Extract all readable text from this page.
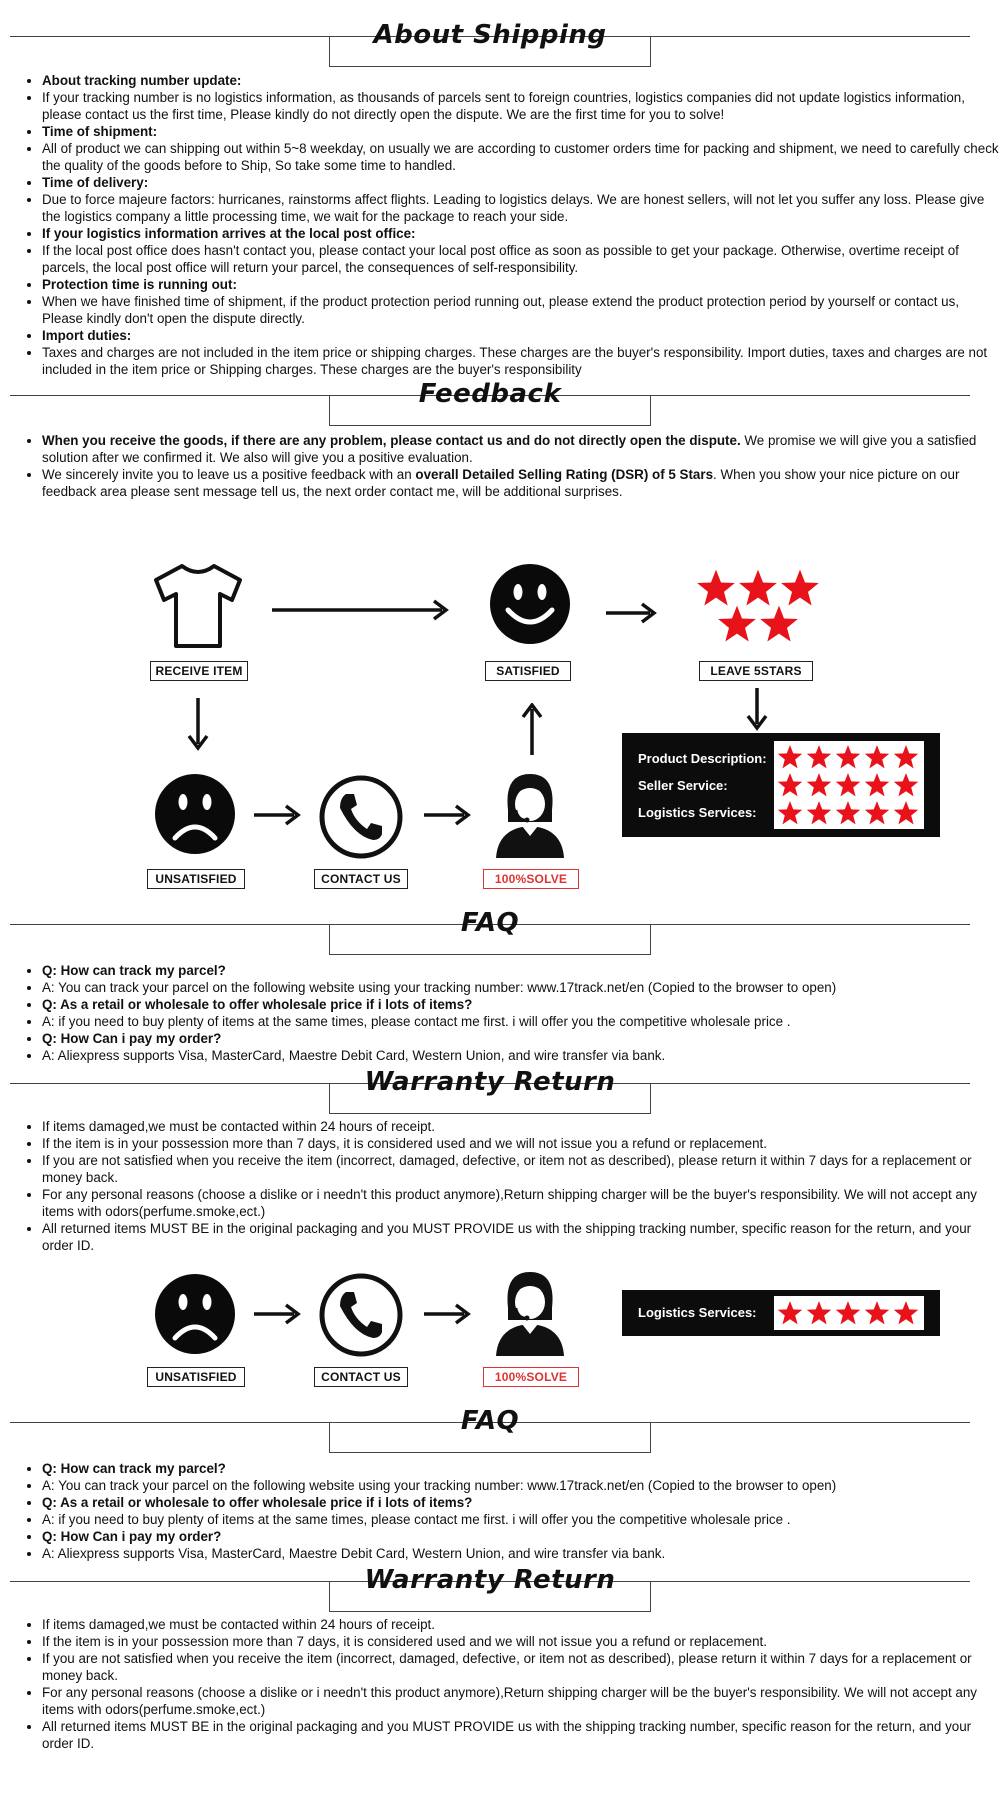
About Shipping
• About tracking number update:
• If your tracking number is no logistics information, as thousands of parcels sent to foreign countries, logistics companies did not update logistics information, please contact us the first time, Please kindly do not directly open the dispute. We are the first time for you to solve!
• Time of shipment:
• All of product we can shipping out within 5~8 weekday, on usually we are according to customer orders time for packing and shipment, we need to carefully check the quality of the goods before to Ship, So take some time to handled.
• Time of delivery:
• Due to force majeure factors: hurricanes, rainstorms affect flights. Leading to logistics delays. We are honest sellers, will not let you suffer any loss. Please give the logistics company a little processing time, we wait for the package to reach your side.
• If your logistics information arrives at the local post office:
• If the local post office does hasn't contact you, please contact your local post office as soon as possible to get your package. Otherwise, overtime receipt of parcels, the local post office will return your parcel, the consequences of self-responsibility.
• Protection time is running out:
• When we have finished time of shipment, if the product protection period running out, please extend the product protection period by yourself or contact us, Please kindly don't open the dispute directly.
• Import duties:
• Taxes and charges are not included in the item price or shipping charges. These charges are the buyer's responsibility. Import duties, taxes and charges are not included in the item price or Shipping charges. These charges are the buyer's responsibility
Feedback
• When you receive the goods, if there are any problem, please contact us and do not directly open the dispute. We promise we will give you a satisfied solution after we confirmed it. We also will give you a positive evaluation.
• We sincerely invite you to leave us a positive feedback with an overall Detailed Selling Rating (DSR) of 5 Stars. When you show your nice picture on our feedback area please sent message tell us, the next order contact me, will be additional surprises.
RECEIVE ITEM	SATISFIED	LEAVE 5STARS
Product Description:
Seller Service:
Logistics Services:
UNSATISFIED	CONTACT US	100%SOLVE
FAQ
• Q: How can track my parcel?
• A: You can track your parcel on the following website using your tracking number: www.17track.net/en (Copied to the browser to open)
• Q: As a retail or wholesale to offer wholesale price if i lots of items?
• A: if you need to buy plenty of items at the same times, please contact me first. i will offer you the competitive wholesale price .
• Q: How Can i pay my order?
• A: Aliexpress supports Visa, MasterCard, Maestre Debit Card, Western Union, and wire transfer via bank.
Warranty Return
• If items damaged,we must be contacted within 24 hours of receipt.
• If the item is in your possession more than 7 days, it is considered used and we will not issue you a refund or replacement.
• If you are not satisfied when you receive the item (incorrect, damaged, defective, or item not as described), please return it within 7 days for a replacement or money back.
• For any personal reasons (choose a dislike or i needn't this product anymore),Return shipping charger will be the buyer's responsibility. We will not accept any items with odors(perfume.smoke,ect.)
• All returned items MUST BE in the original packaging and you MUST PROVIDE us with the shipping tracking number, specific reason for the return, and your order ID.
UNSATISFIED	CONTACT US	100%SOLVE
Logistics Services:
FAQ
• Q: How can track my parcel?
• A: You can track your parcel on the following website using your tracking number: www.17track.net/en (Copied to the browser to open)
• Q: As a retail or wholesale to offer wholesale price if i lots of items?
• A: if you need to buy plenty of items at the same times, please contact me first. i will offer you the competitive wholesale price .
• Q: How Can i pay my order?
• A: Aliexpress supports Visa, MasterCard, Maestre Debit Card, Western Union, and wire transfer via bank.
Warranty Return
• If items damaged,we must be contacted within 24 hours of receipt.
• If the item is in your possession more than 7 days, it is considered used and we will not issue you a refund or replacement.
• If you are not satisfied when you receive the item (incorrect, damaged, defective, or item not as described), please return it within 7 days for a replacement or money back.
• For any personal reasons (choose a dislike or i needn't this product anymore),Return shipping charger will be the buyer's responsibility. We will not accept any items with odors(perfume.smoke,ect.)
• All returned items MUST BE in the original packaging and you MUST PROVIDE us with the shipping tracking number, specific reason for the return, and your order ID.
